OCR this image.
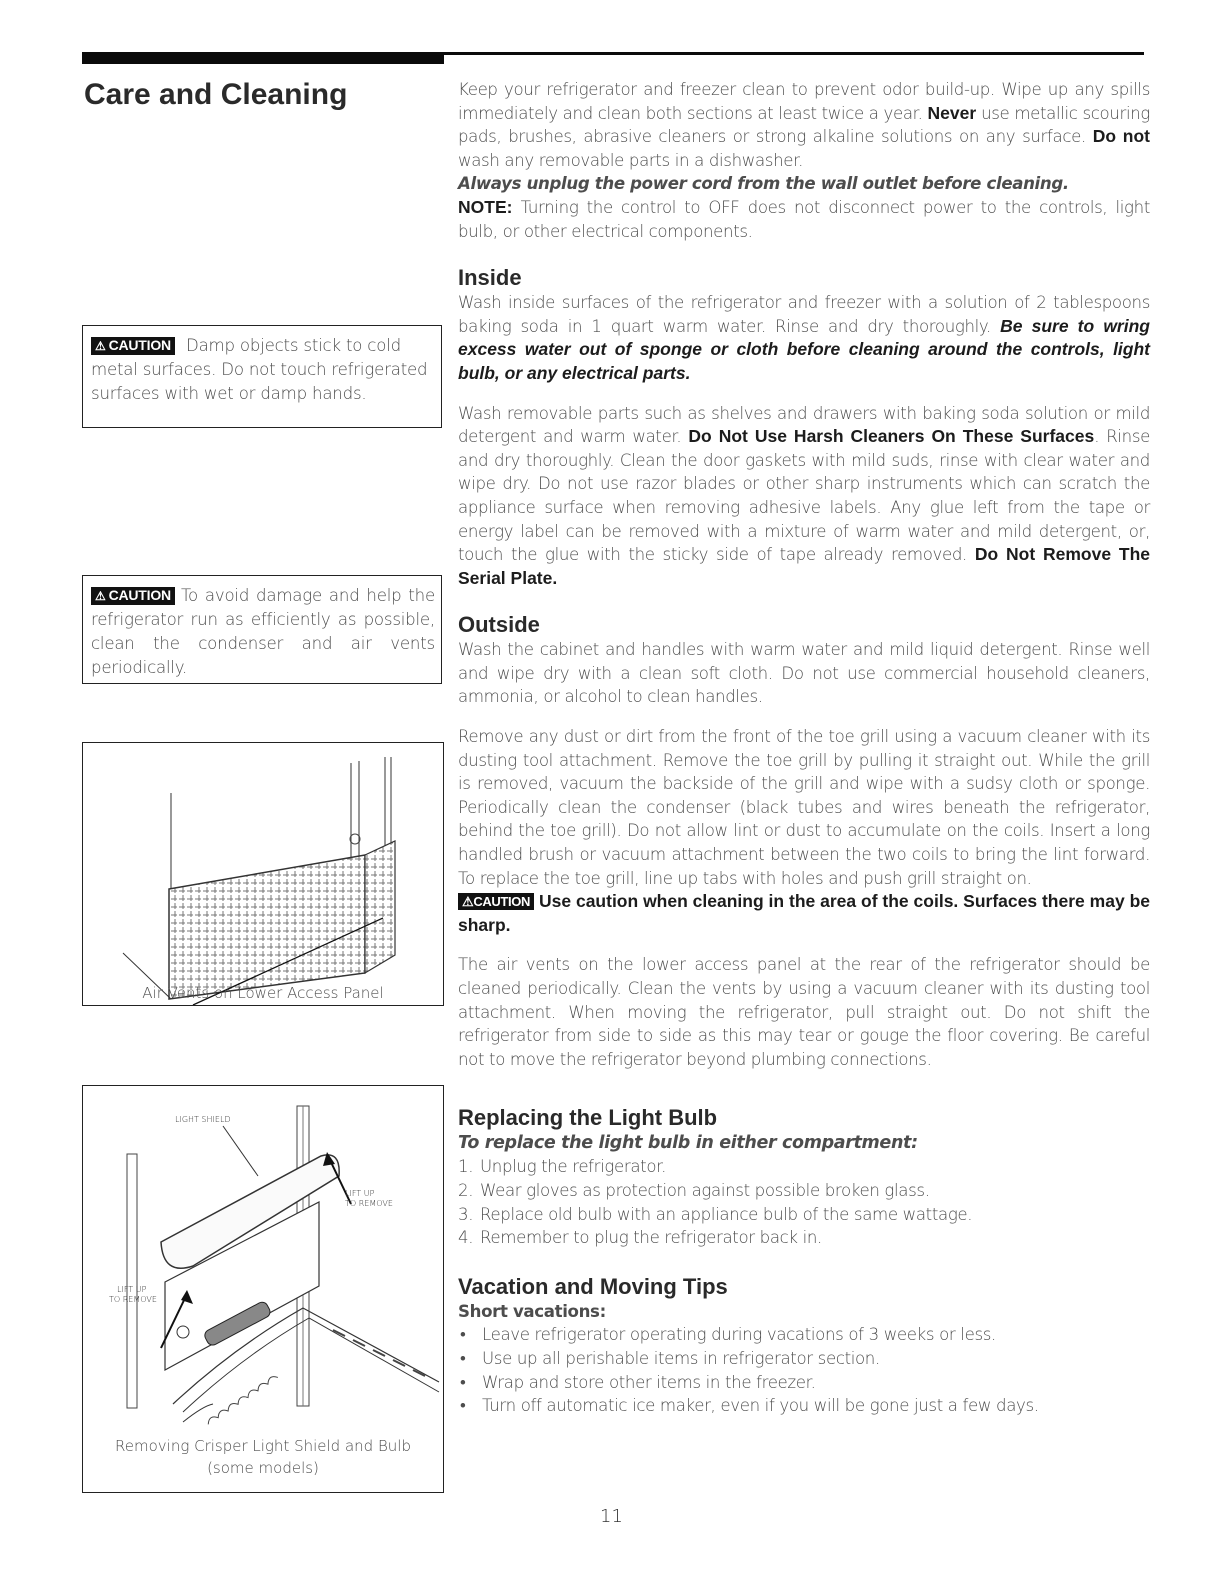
Care and Cleaning	Keep your refrigerator and freezer clean to prevent odor build-up. Wipe up any spills immediately and clean both sections at least twice a year. Never use metallic scouring pads, brushes, abrasive cleaners or strong alkaline solutions on any surface. Do not wash any removable parts in a dishwasher.

Always unplug the power cord from the wall outlet before cleaning.

NOTE: Turning the control to OFF does not disconnect power to the controls, light bulb, or other electrical components.

Inside

Wash inside surfaces of the refrigerator and freezer with a solution of 2 tablespoons baking soda in 1 quart warm water. Rinse and dry thoroughly. Be sure to wring excess water out of sponge or cloth before cleaning around the controls, light bulb, or any electrical parts.

Wash removable parts such as shelves and drawers with baking soda solution or mild detergent and warm water. Do Not Use Harsh Cleaners On These Surfaces. Rinse and dry thoroughly. Clean the door gaskets with mild suds, rinse with clear water and wipe dry. Do not use razor blades or other sharp instruments which can scratch the appliance surface when removing adhesive labels. Any glue left from the tape or energy label can be removed with a mixture of warm water and mild detergent, or, touch the glue with the sticky side of tape already removed. Do Not Remove The Serial Plate.

Outside

Wash the cabinet and handles with warm water and mild liquid detergent. Rinse well and wipe dry with a clean soft cloth. Do not use commercial household cleaners, ammonia, or alcohol to clean handles.

Remove any dust or dirt from the front of the toe grill using a vacuum cleaner with its dusting tool attachment. Remove the toe grill by pulling it straight out. While the grill is removed, vacuum the backside of the grill and wipe with a sudsy cloth or sponge. Periodically clean the condenser (black tubes and wires beneath the refrigerator, behind the toe grill). Do not allow lint or dust to accumulate on the coils. Insert a long handled brush or vacuum attachment between the two coils to bring the lint forward. To replace the toe grill, line up tabs with holes and push grill straight on.

⚠CAUTION Use caution when cleaning in the area of the coils. Surfaces there may be sharp.

The air vents on the lower access panel at the rear of the refrigerator should be cleaned periodically. Clean the vents by using a vacuum cleaner with its dusting tool attachment. When moving the refrigerator, pull straight out. Do not shift the refrigerator from side to side as this may tear or gouge the floor covering. Be careful not to move the refrigerator beyond plumbing connections.

Replacing the Light Bulb

To replace the light bulb in either compartment:

1. Unplug the refrigerator.
2. Wear gloves as protection against possible broken glass.
3. Replace old bulb with an appliance bulb of the same wattage.
4. Remember to plug the refrigerator back in.
Vacation and Moving Tips

Short vacations:

• Leave refrigerator operating during vacations of 3 weeks or less.
• Use up all perishable items in refrigerator section.
• Wrap and store other items in the freezer.
• Turn off automatic ice maker, even if you will be gone just a few days.
⚠ CAUTION Damp objects stick to cold metal surfaces. Do not touch refrigerated surfaces with wet or damp hands.
⚠ CAUTION To avoid damage and help the refrigerator run as efficiently as possible, clean the condenser and air vents periodically.
Air Vents on Lower Access Panel
LIGHT SHIELD
LIFT UP
TO REMOVE
LIFT UP
TO REMOVE
Removing Crisper Light Shield and Bulb
(some models)
11
